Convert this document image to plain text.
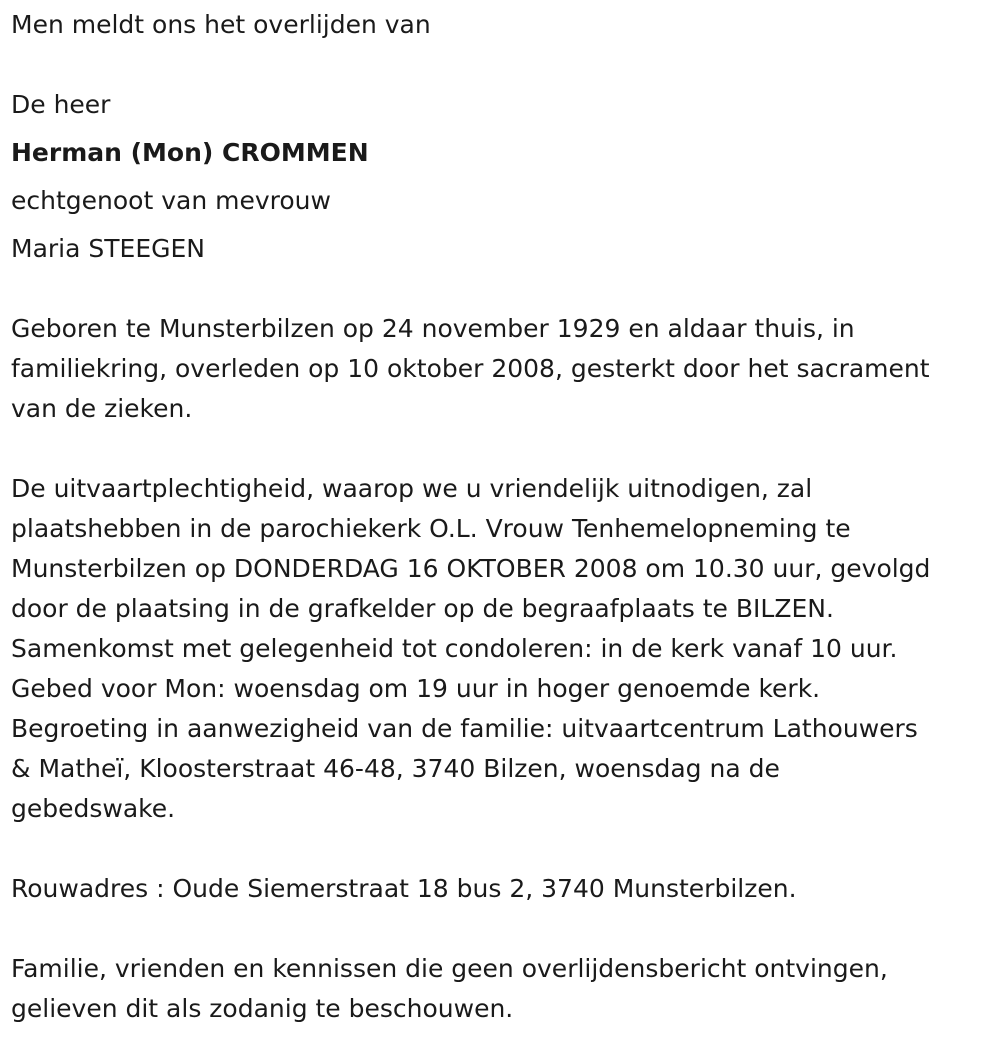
Men meldt ons het overlijden van
De heer
Herman (Mon) CROMMEN
echtgenoot van mevrouw
Maria STEEGEN
Geboren te Munsterbilzen op 24 november 1929 en aldaar thuis, in
familiekring, overleden op 10 oktober 2008, gesterkt door het sacrament
van de zieken.
De uitvaartplechtigheid, waarop we u vriendelijk uitnodigen, zal
plaatshebben in de parochiekerk O.L. Vrouw Tenhemelopneming te
Munsterbilzen op DONDERDAG 16 OKTOBER 2008 om 10.30 uur, gevolgd
door de plaatsing in de grafkelder op de begraafplaats te BILZEN.
Samenkomst met gelegenheid tot condoleren: in de kerk vanaf 10 uur.
Gebed voor Mon: woensdag om 19 uur in hoger genoemde kerk.
Begroeting in aanwezigheid van de familie: uitvaartcentrum Lathouwers
& Matheï, Kloosterstraat 46-48, 3740 Bilzen, woensdag na de
gebedswake.
Rouwadres : Oude Siemerstraat 18 bus 2, 3740 Munsterbilzen.
Familie, vrienden en kennissen die geen overlijdensbericht ontvingen,
gelieven dit als zodanig te beschouwen.
